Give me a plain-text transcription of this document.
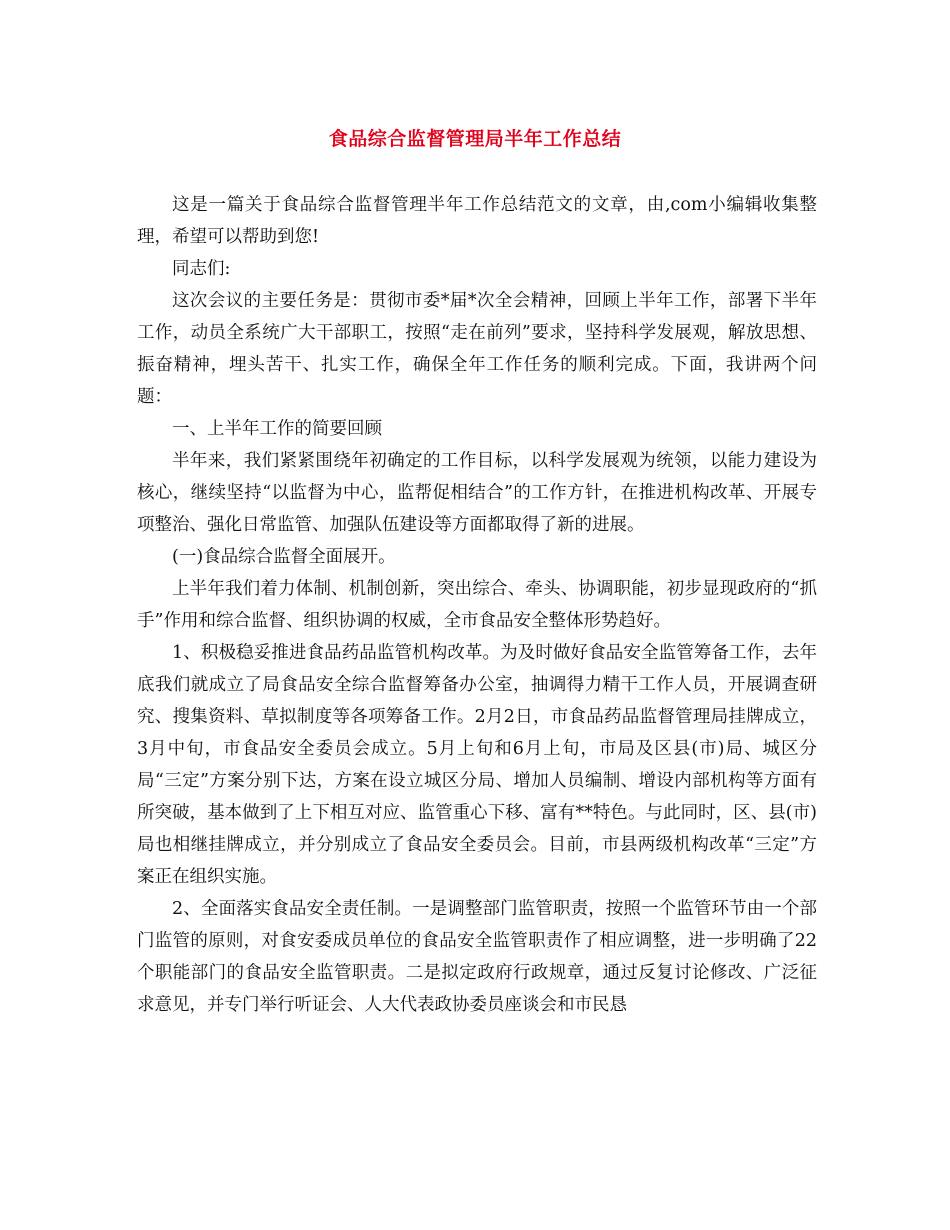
食品综合监督管理局半年工作总结

这是一篇关于食品综合监督管理半年工作总结范文的文章，由,com小编辑收集整理，希望可以帮助到您!

同志们:

这次会议的主要任务是：贯彻市委*届*次全会精神，回顾上半年工作，部署下半年工作，动员全系统广大干部职工，按照“走在前列”要求，坚持科学发展观，解放思想、振奋精神，埋头苦干、扎实工作，确保全年工作任务的顺利完成。下面，我讲两个问题：

一、上半年工作的简要回顾

半年来，我们紧紧围绕年初确定的工作目标，以科学发展观为统领，以能力建设为核心，继续坚持“以监督为中心，监帮促相结合”的工作方针，在推进机构改革、开展专项整治、强化日常监管、加强队伍建设等方面都取得了新的进展。

(一)食品综合监督全面展开。

上半年我们着力体制、机制创新，突出综合、牵头、协调职能，初步显现政府的“抓手”作用和综合监督、组织协调的权威，全市食品安全整体形势趋好。

1、积极稳妥推进食品药品监管机构改革。为及时做好食品安全监管筹备工作，去年底我们就成立了局食品安全综合监督筹备办公室，抽调得力精干工作人员，开展调查研究、搜集资料、草拟制度等各项筹备工作。2月2日，市食品药品监督管理局挂牌成立，3月中旬，市食品安全委员会成立。5月上旬和6月上旬，市局及区县(市)局、城区分局“三定”方案分别下达，方案在设立城区分局、增加人员编制、增设内部机构等方面有所突破，基本做到了上下相互对应、监管重心下移、富有**特色。与此同时，区、县(市)局也相继挂牌成立，并分别成立了食品安全委员会。目前，市县两级机构改革“三定”方案正在组织实施。

2、全面落实食品安全责任制。一是调整部门监管职责，按照一个监管环节由一个部门监管的原则，对食安委成员单位的食品安全监管职责作了相应调整，进一步明确了22个职能部门的食品安全监管职责。二是拟定政府行政规章，通过反复讨论修改、广泛征求意见，并专门举行听证会、人大代表政协委员座谈会和市民恳
